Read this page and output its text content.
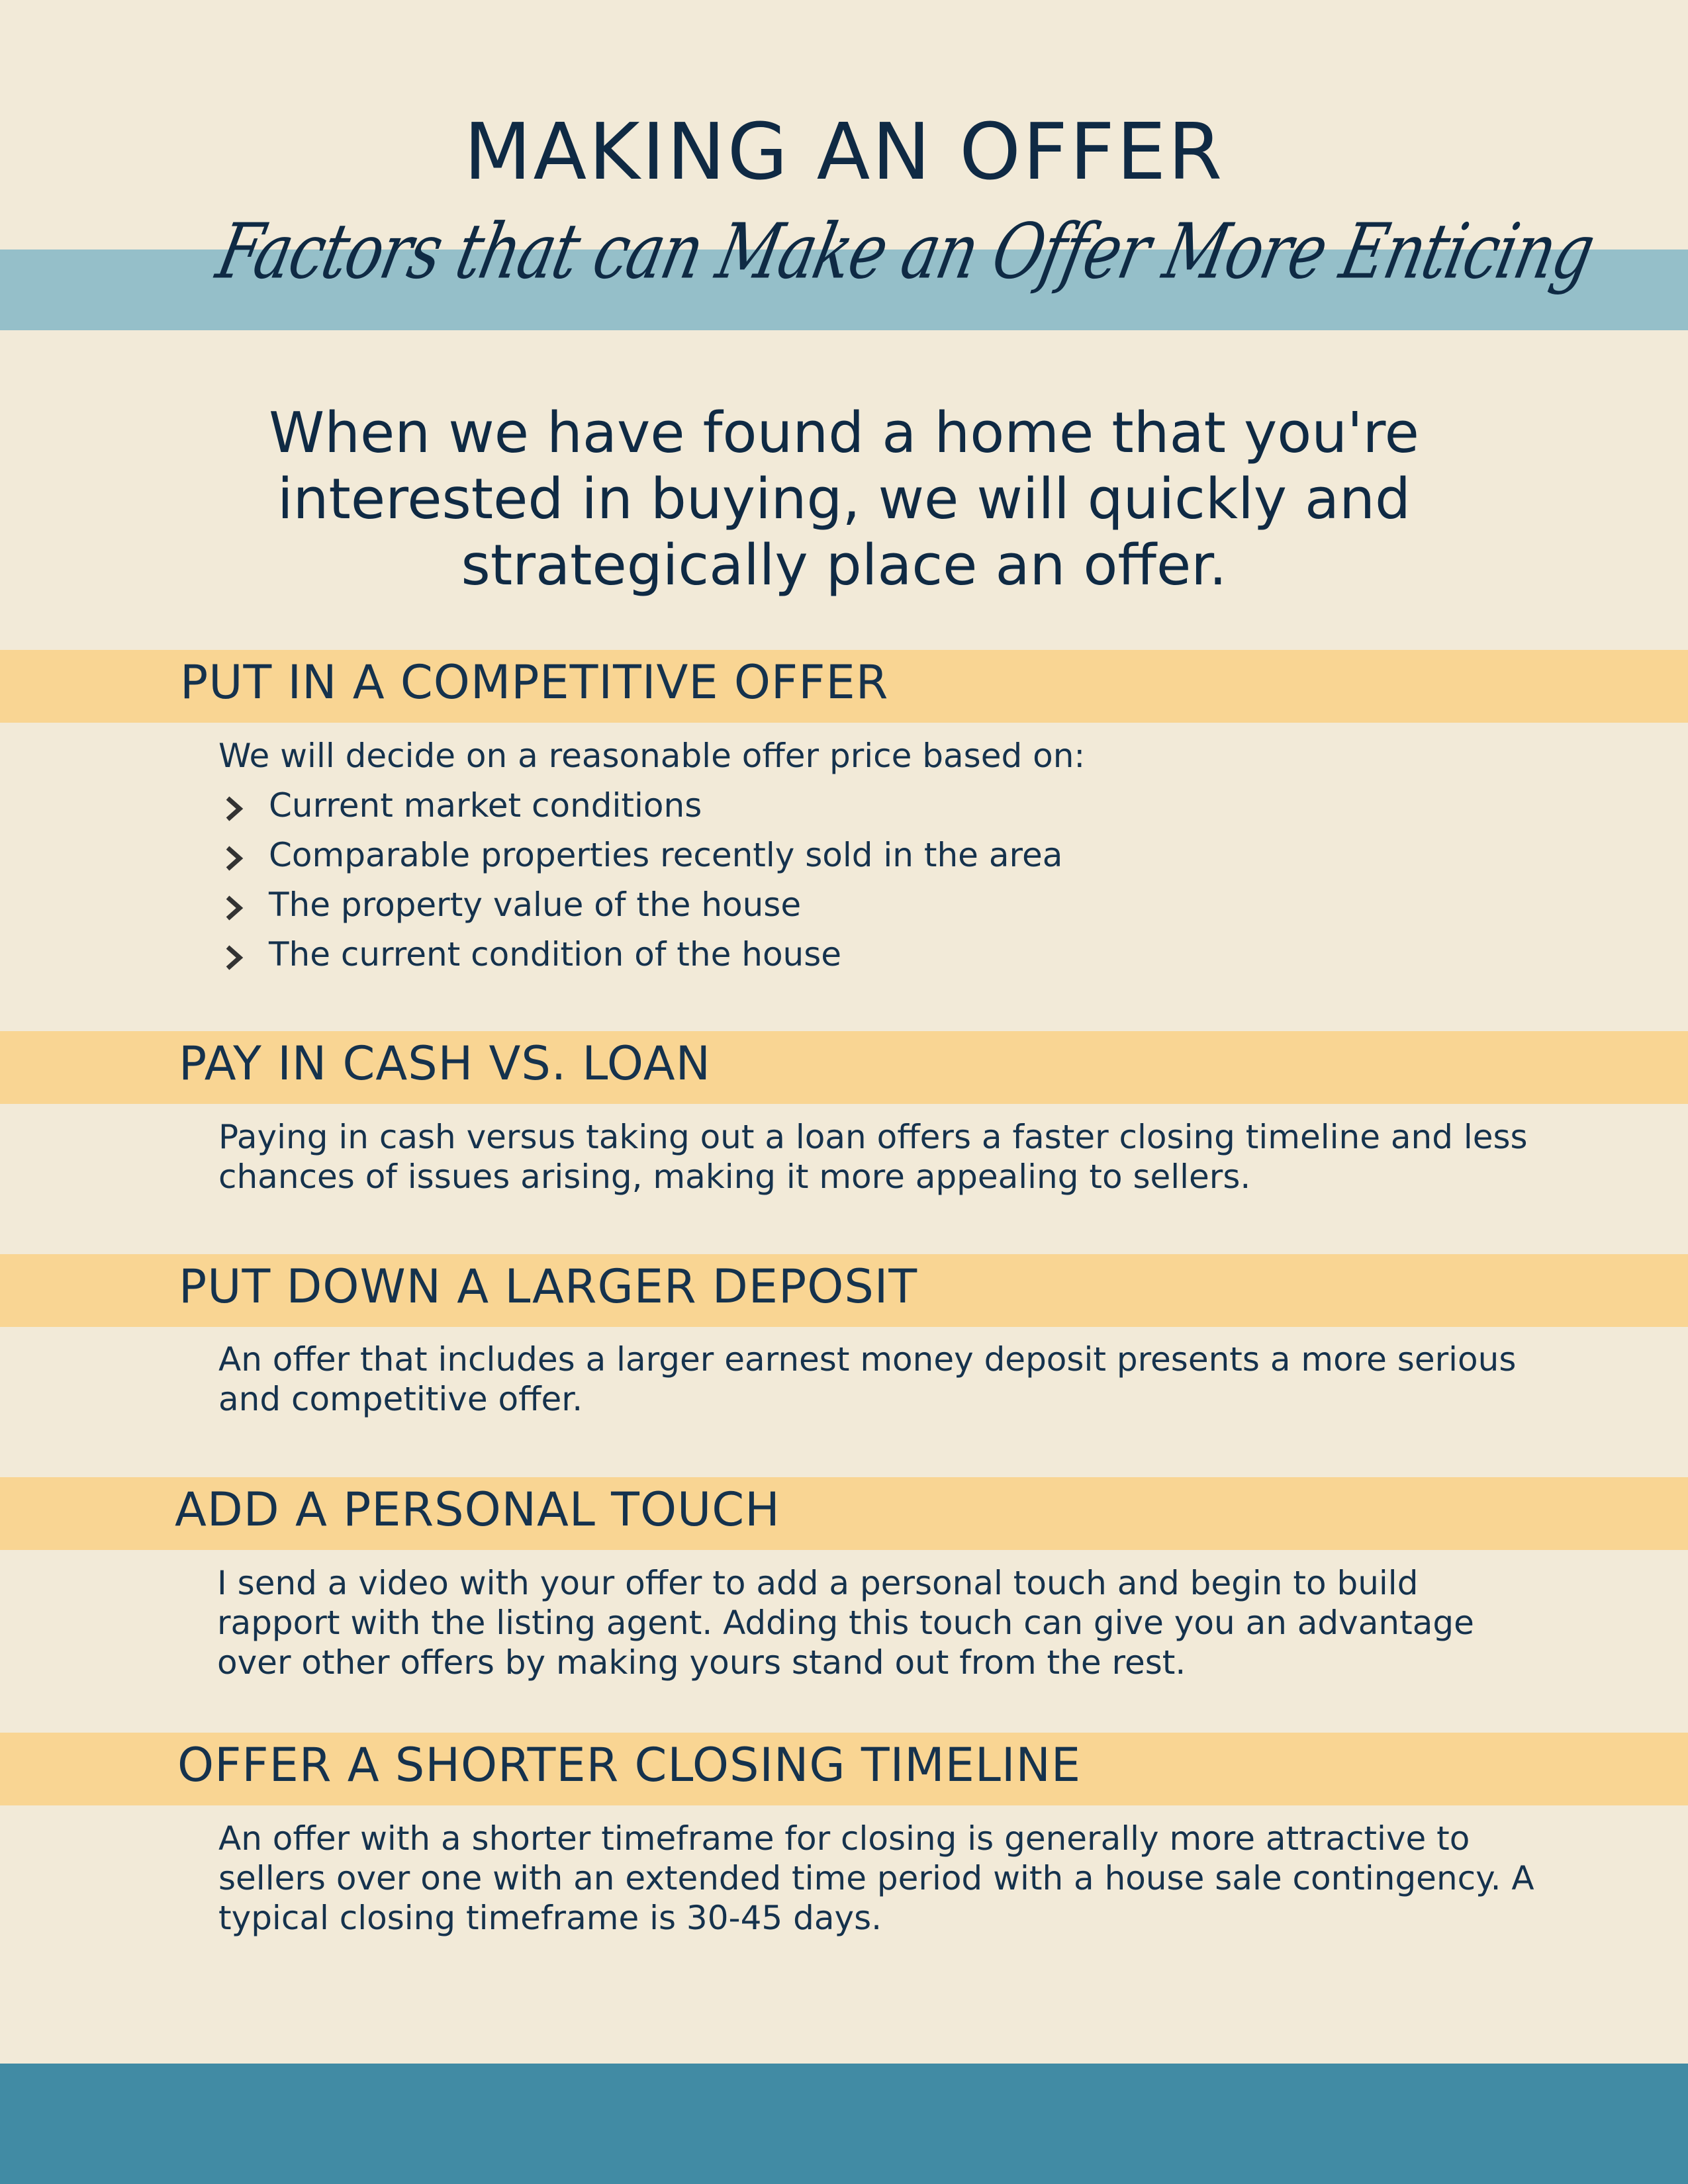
MAKING AN OFFER
Factors that can Make an Offer More Enticing
When we have found a home that you're interested in buying, we will quickly and strategically place an offer.
PUT IN A COMPETITIVE OFFER
We will decide on a reasonable offer price based on:
Current market conditions
Comparable properties recently sold in the area
The property value of the house
The current condition of the house
PAY IN CASH VS. LOAN
Paying in cash versus taking out a loan offers a faster closing timeline and less chances of issues arising, making it more appealing to sellers.
PUT DOWN A LARGER DEPOSIT
An offer that includes a larger earnest money deposit presents a more serious and competitive offer.
ADD A PERSONAL TOUCH
I send a video with your offer to add a personal touch and begin to build rapport with the listing agent. Adding this touch can give you an advantage over other offers by making yours stand out from the rest.
OFFER A SHORTER CLOSING TIMELINE
An offer with a shorter timeframe for closing is generally more attractive to sellers over one with an extended time period with a house sale contingency. A typical closing timeframe is 30-45 days.
